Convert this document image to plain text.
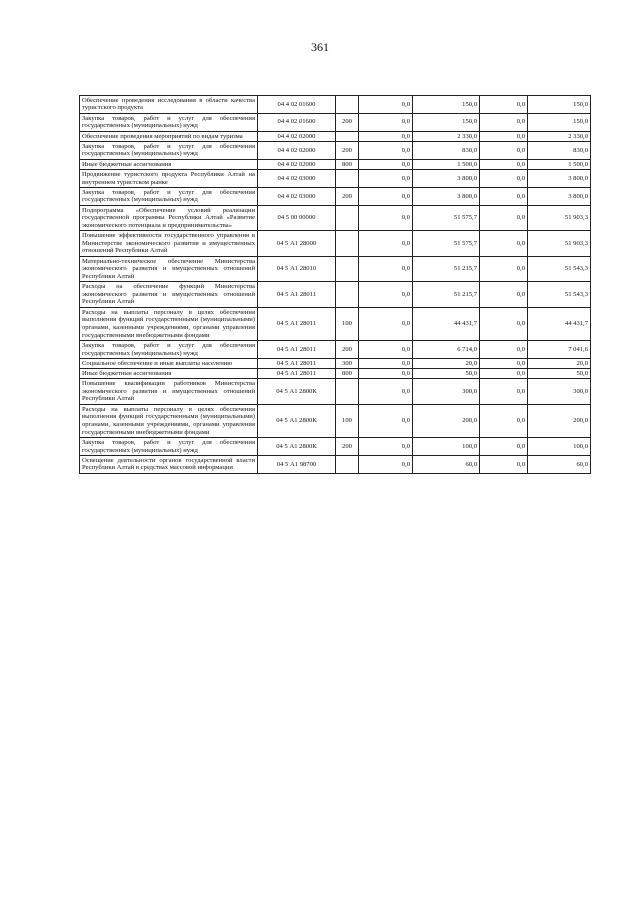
361
Обеспечение проведения исследования в области качества туристского продукта	04 4 02 01600		0,0	150,0	0,0	150,0
Закупка товаров, работ и услуг для обеспечения государственных (муниципальных) нужд	04 4 02 01600	200	0,0	150,0	0,0	150,0
Обеспечение проведения мероприятий по видам туризма	04 4 02 02000		0,0	2 330,0	0,0	2 330,0
Закупка товаров, работ и услуг для обеспечения государственных (муниципальных) нужд	04 4 02 02000	200	0,0	830,0	0,0	830,0
Иные бюджетные ассигнования	04 4 02 02000	800	0,0	1 500,0	0,0	1 500,0
Продвижение туристского продукта Республики Алтай на внутреннем туристском рынке	04 4 02 03000		0,0	3 800,0	0,0	3 800,0
Закупка товаров, работ и услуг для обеспечения государственных (муниципальных) нужд	04 4 02 03000	200	0,0	3 800,0	0,0	3 800,0
Подпрограмма «Обеспечение условий реализации государственной программы Республики Алтай «Развитие экономического потенциала и предпринимательства»	04 5 00 00000		0,0	51 575,7	0,0	51 903,3
Повышение эффективности государственного управления в Министерстве экономического развития и имущественных отношений Республики Алтай	04 5 А1 28000		0,0	51 575,7	0,0	51 903,3
Материально-техническое обеспечение Министерства экономического развития и имущественных отношений Республики Алтай	04 5 А1 28010		0,0	51 215,7	0,0	51 543,3
Расходы на обеспечение функций Министерства экономического развития и имущественных отношений Республики Алтай	04 5 А1 28011		0,0	51 215,7	0,0	51 543,3
Расходы на выплаты персоналу в целях обеспечения выполнения функций государственными (муниципальными) органами, казенными учреждениями, органами управления государственными внебюджетными фондами	04 5 А1 28011	100	0,0	44 431,7	0,0	44 431,7
Закупка товаров, работ и услуг для обеспечения государственных (муниципальных) нужд	04 5 А1 28011	200	0,0	6 714,0	0,0	7 041,6
Социальное обеспечение и иные выплаты населению	04 5 А1 28011	300	0,0	20,0	0,0	20,0
Иные бюджетные ассигнования	04 5 А1 28011	800	0,0	50,0	0,0	50,0
Повышение квалификации работников Министерства экономического развития и имущественных отношений Республики Алтай	04 5 А1 2800К		0,0	300,0	0,0	300,0
Расходы на выплаты персоналу в целях обеспечения выполнения функций государственными (муниципальными) органами, казенными учреждениями, органами управления государственными внебюджетными фондами	04 5 А1 2800К	100	0,0	200,0	0,0	200,0
Закупка товаров, работ и услуг для обеспечения государственных (муниципальных) нужд	04 5 А1 2800К	200	0,0	100,0	0,0	100,0
Освещение деятельности органов государственной власти Республики Алтай в средствах массовой информации	04 5 А1 98700		0,0	60,0	0,0	60,0
